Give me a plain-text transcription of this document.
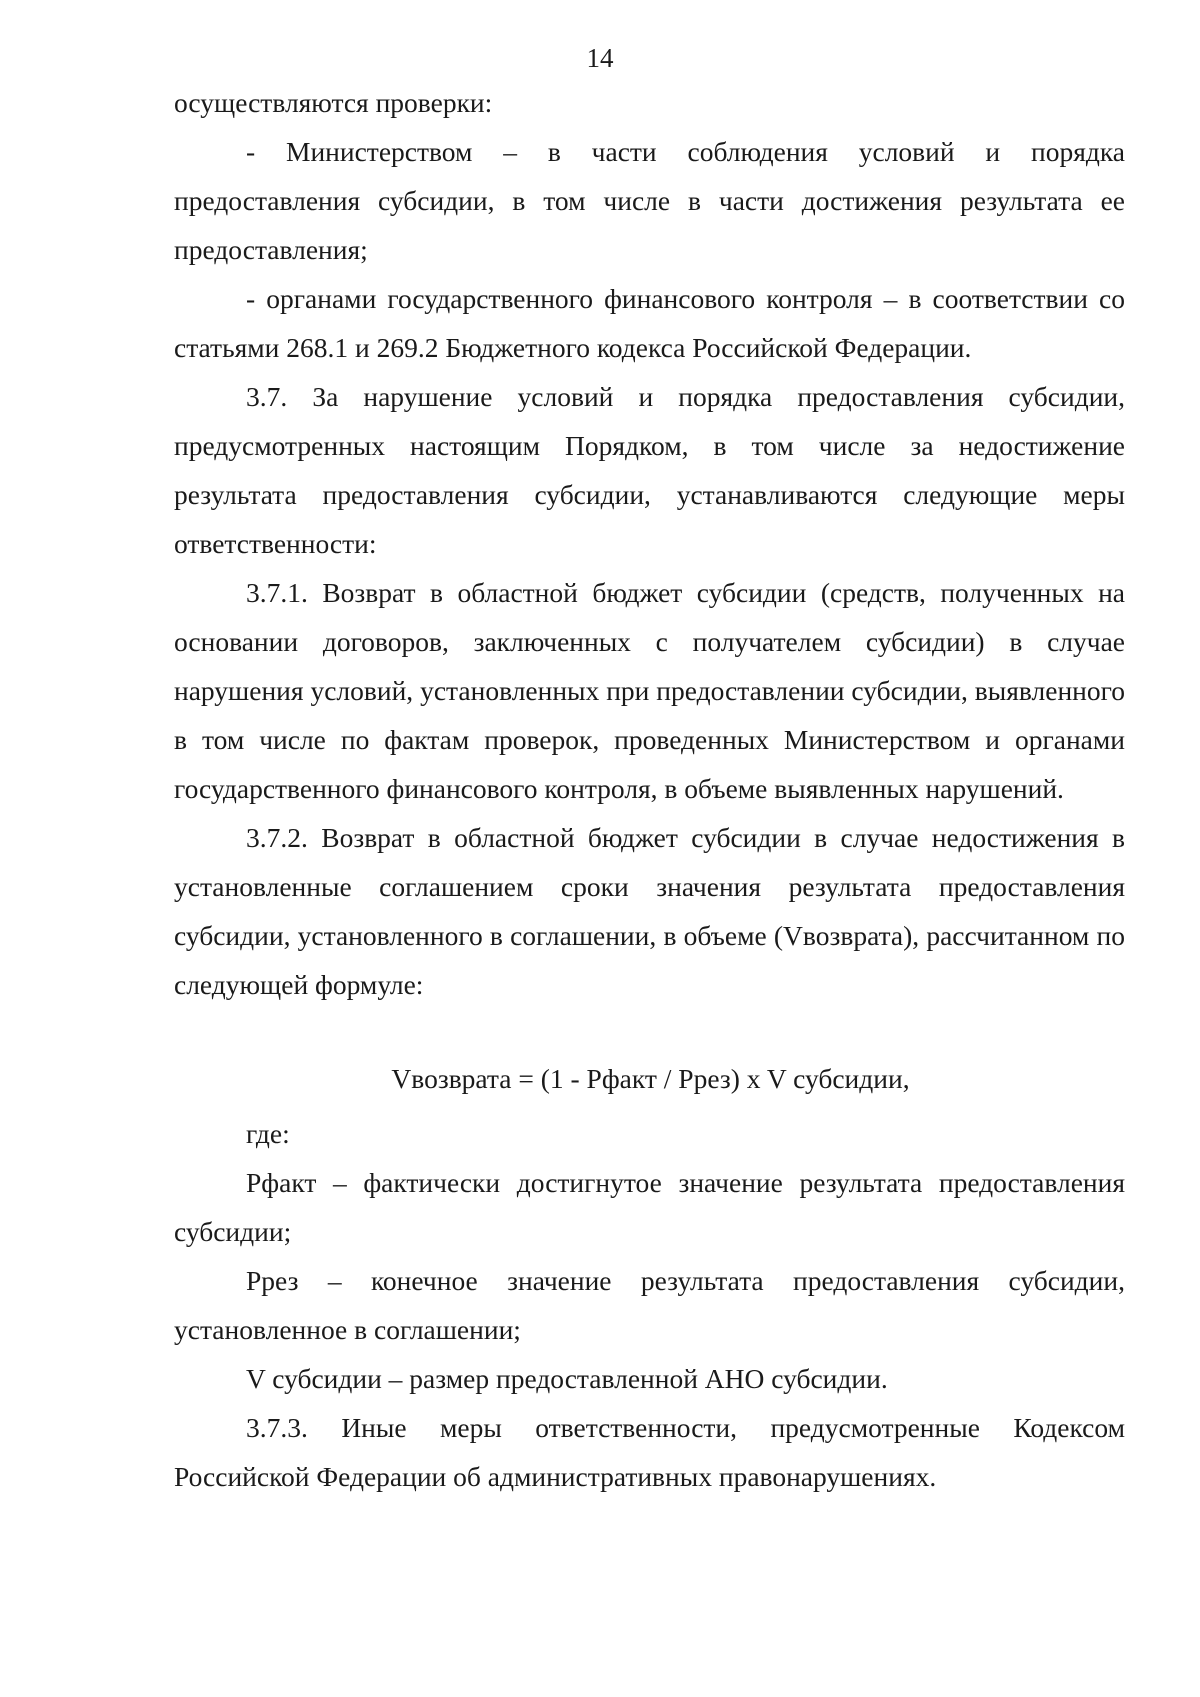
14

осуществляются проверки:

- Министерством – в части соблюдения условий и порядка предоставления субсидии, в том числе в части достижения результата ее предоставления;

- органами государственного финансового контроля – в соответствии со статьями 268.1 и 269.2 Бюджетного кодекса Российской Федерации.

3.7. За нарушение условий и порядка предоставления субсидии, предусмотренных настоящим Порядком, в том числе за недостижение результата предоставления субсидии, устанавливаются следующие меры ответственности:

3.7.1. Возврат в областной бюджет субсидии (средств, полученных на основании договоров, заключенных с получателем субсидии) в случае нарушения условий, установленных при предоставлении субсидии, выявленного в том числе по фактам проверок, проведенных Министерством и органами государственного финансового контроля, в объеме выявленных нарушений.

3.7.2. Возврат в областной бюджет субсидии в случае недостижения в установленные соглашением сроки значения результата предоставления субсидии, установленного в соглашении, в объеме (Vвозврата), рассчитанном по следующей формуле:

Vвозврата = (1 - Pфакт / Pрез) x V субсидии,

где:

Pфакт – фактически достигнутое значение результата предоставления субсидии;

Pрез – конечное значение результата предоставления субсидии, установленное в соглашении;

V субсидии – размер предоставленной АНО субсидии.

3.7.3. Иные меры ответственности, предусмотренные Кодексом Российской Федерации об административных правонарушениях.
